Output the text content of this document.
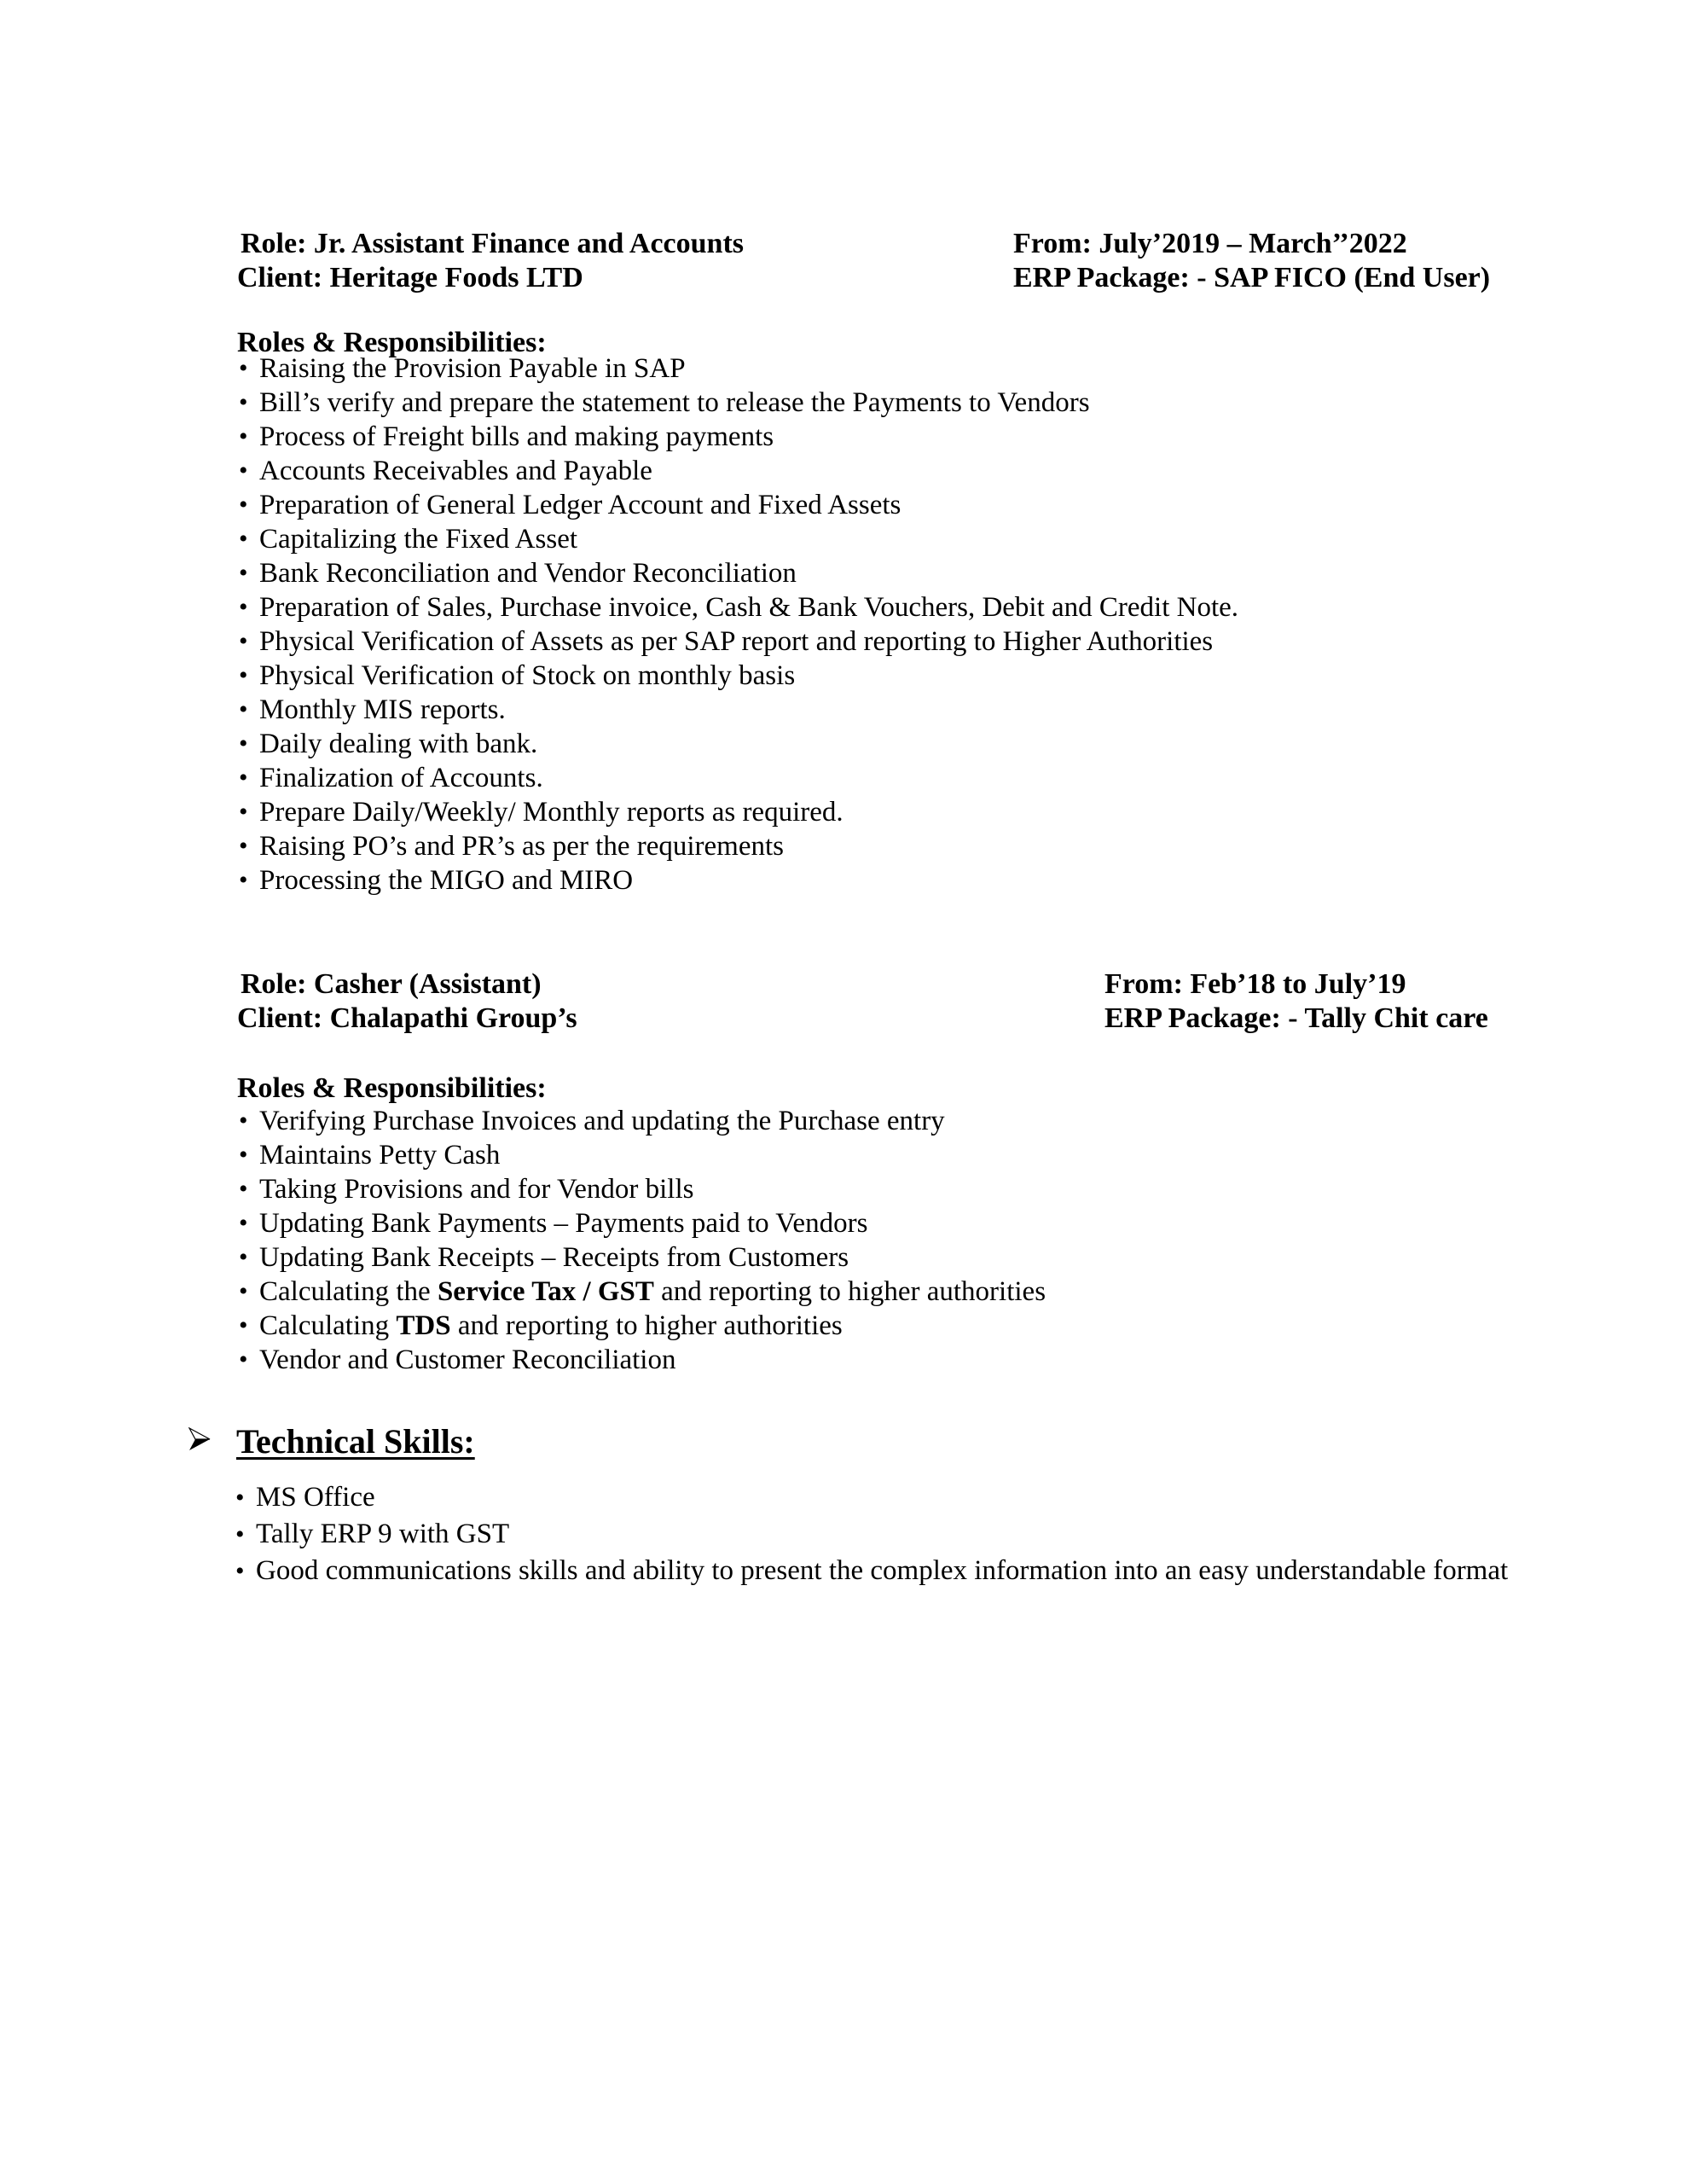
Role: Jr. Assistant Finance and Accounts
Client: Heritage Foods LTD
From: July’2019 – March’’2022
ERP Package: - SAP FICO (End User)
Roles & Responsibilities:
• Raising the Provision Payable in SAP
• Bill’s verify and prepare the statement to release the Payments to Vendors
• Process of Freight bills and making payments
• Accounts Receivables and Payable
• Preparation of General Ledger Account and Fixed Assets
• Capitalizing the Fixed Asset
• Bank Reconciliation and Vendor Reconciliation
• Preparation of Sales, Purchase invoice, Cash & Bank Vouchers, Debit and Credit Note.
• Physical Verification of Assets as per SAP report and reporting to Higher Authorities
• Physical Verification of Stock on monthly basis
• Monthly MIS reports.
• Daily dealing with bank.
• Finalization of Accounts.
• Prepare Daily/Weekly/ Monthly reports as required.
• Raising PO’s and PR’s as per the requirements
• Processing the MIGO and MIRO
Role: Casher (Assistant)
Client: Chalapathi Group’s
From: Feb’18 to July’19
ERP Package: - Tally Chit care
Roles & Responsibilities:
• Verifying Purchase Invoices and updating the Purchase entry
• Maintains Petty Cash
• Taking Provisions and for Vendor bills
• Updating Bank Payments – Payments paid to Vendors
• Updating Bank Receipts – Receipts from Customers
• Calculating the Service Tax / GST and reporting to higher authorities
• Calculating TDS and reporting to higher authorities
• Vendor and Customer Reconciliation
Technical Skills:
• MS Office
• Tally ERP 9 with GST
• Good communications skills and ability to present the complex information into an easy understandable format
